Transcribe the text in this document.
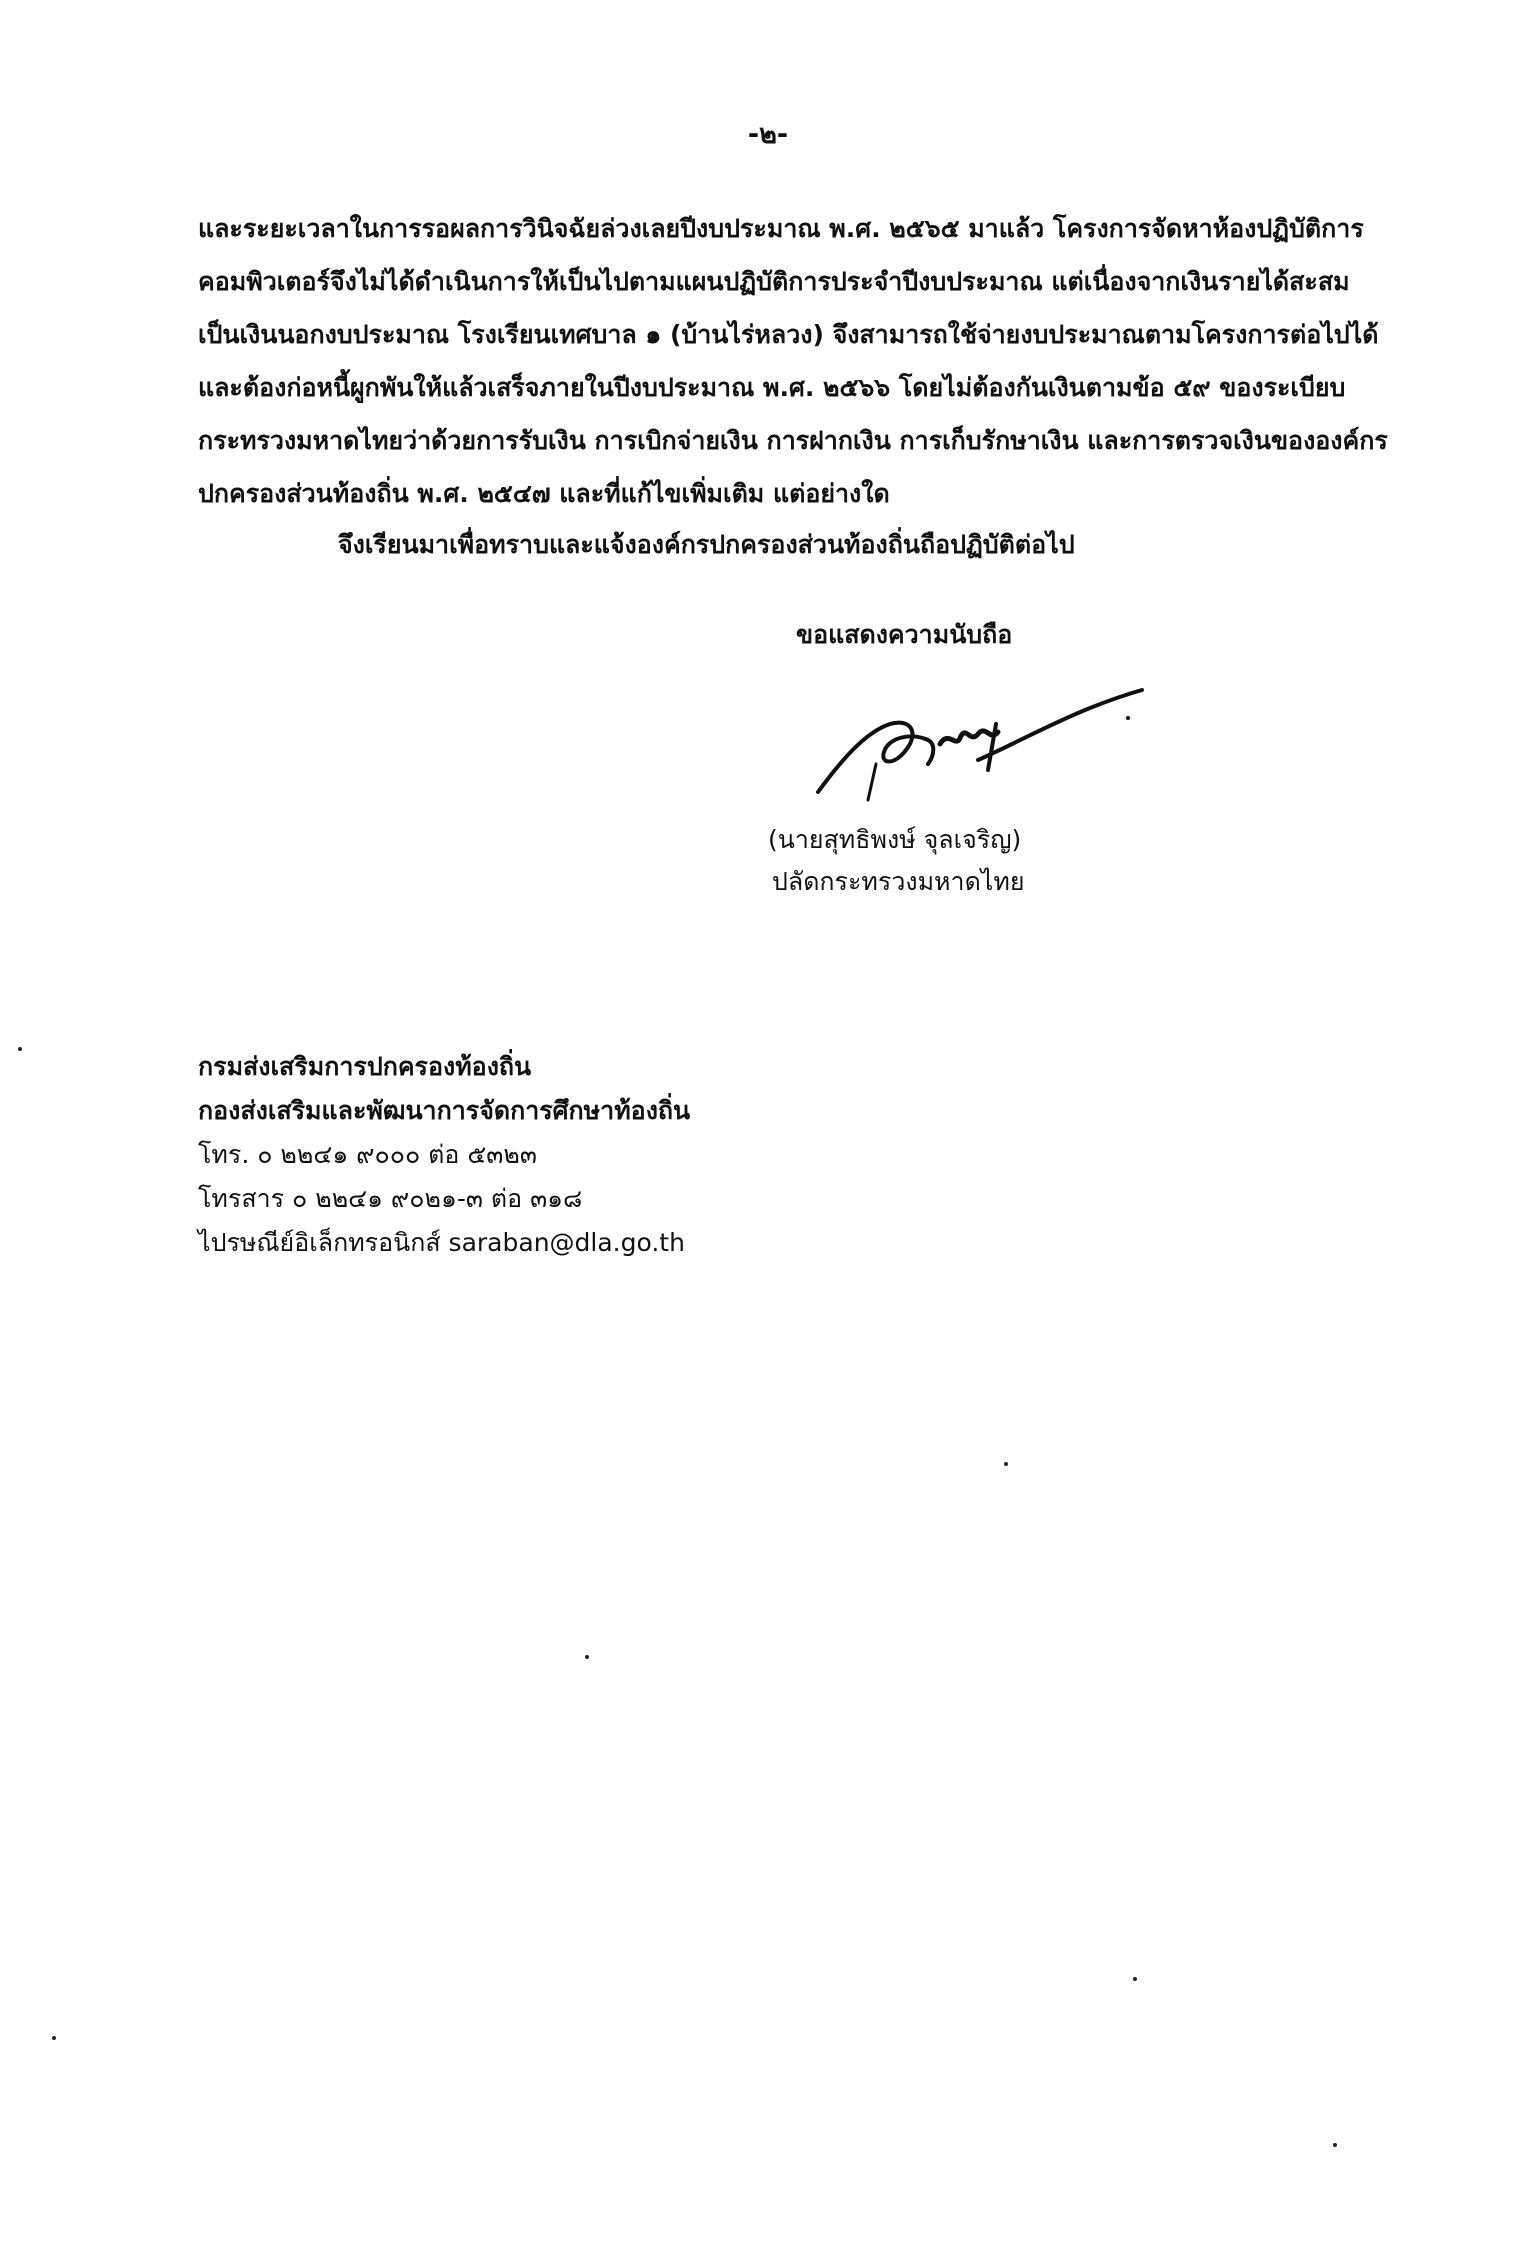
-๒-
และระยะเวลาในการรอผลการวินิจฉัยล่วงเลยปีงบประมาณ พ.ศ. ๒๕๖๕ มาแล้ว โครงการจัดหาห้องปฏิบัติการ
คอมพิวเตอร์จึงไม่ได้ดำเนินการให้เป็นไปตามแผนปฏิบัติการประจำปีงบประมาณ แต่เนื่องจากเงินรายได้สะสม
เป็นเงินนอกงบประมาณ โรงเรียนเทศบาล ๑ (บ้านไร่หลวง) จึงสามารถใช้จ่ายงบประมาณตามโครงการต่อไปได้
และต้องก่อหนี้ผูกพันให้แล้วเสร็จภายในปีงบประมาณ พ.ศ. ๒๕๖๖ โดยไม่ต้องกันเงินตามข้อ ๕๙ ของระเบียบ
กระทรวงมหาดไทยว่าด้วยการรับเงิน การเบิกจ่ายเงิน การฝากเงิน การเก็บรักษาเงิน และการตรวจเงินขององค์กร
ปกครองส่วนท้องถิ่น พ.ศ. ๒๕๔๗ และที่แก้ไขเพิ่มเติม แต่อย่างใด
จึงเรียนมาเพื่อทราบและแจ้งองค์กรปกครองส่วนท้องถิ่นถือปฏิบัติต่อไป
ขอแสดงความนับถือ
(นายสุทธิพงษ์ จุลเจริญ)
ปลัดกระทรวงมหาดไทย
กรมส่งเสริมการปกครองท้องถิ่น
กองส่งเสริมและพัฒนาการจัดการศึกษาท้องถิ่น
โทร. ๐ ๒๒๔๑ ๙๐๐๐ ต่อ ๕๓๒๓
โทรสาร ๐ ๒๒๔๑ ๙๐๒๑-๓ ต่อ ๓๑๘
ไปรษณีย์อิเล็กทรอนิกส์ saraban@dla.go.th
